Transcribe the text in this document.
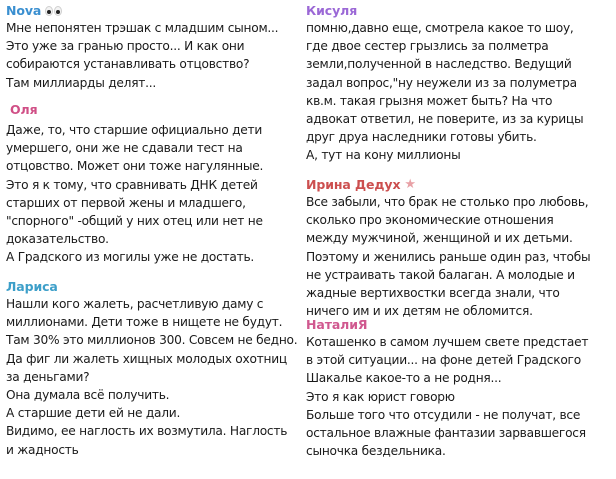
Nova
Мне непонятен трэшак с младшим сыном...
Это уже за гранью просто... И как они
собираются устанавливать отцовство?
Там миллиарды делят...
Оля
Даже, то, что старшие официально дети
умершего, они же не сдавали тест на
отцовство. Может они тоже нагулянные.
Это я к тому, что сравнивать ДНК детей
старших от первой жены и младшего,
"спорного" -общий у них отец или нет не
доказательство.
А Градского из могилы уже не достать.
Лариса
Нашли кого жалеть, расчетливую даму с
миллионами. Дети тоже в нищете не будут.
Там 30% это миллионов 300. Совсем не бедно.
Да фиг ли жалеть хищных молодых охотниц
за деньгами?
Она думала всё получить.
А старшие дети ей не дали.
Видимо, ее наглость их возмутила. Наглость
и жадность
Кисуля
помню,давно еще, смотрела какое то шоу,
где двое сестер грызлись за полметра
земли,полученной в наследство. Ведущий
задал вопрос,"ну неужели из за полуметра
кв.м. такая грызня может быть? На что
адвокат ответил, не поверите, из за курицы
друг друа наследники готовы убить.
А, тут на кону миллионы
Ирина Дедух ★
Все забыли, что брак не столько про любовь,
сколько про экономические отношения
между мужчиной, женщиной и их детьми.
Поэтому и женились раньше один раз, чтобы
не устраивать такой балаган. А молодые и
жадные вертихвостки всегда знали, что
ничего им и их детям не обломится.
НаталиЯ
Коташенко в самом лучшем свете предстает
в этой ситуации... на фоне детей Градского
Шакалье какое-то а не родня...
Это я как юрист говорю
Больше того что отсудили - не получат, все
остальное влажные фантазии зарвавшегося
сыночка бездельника.
